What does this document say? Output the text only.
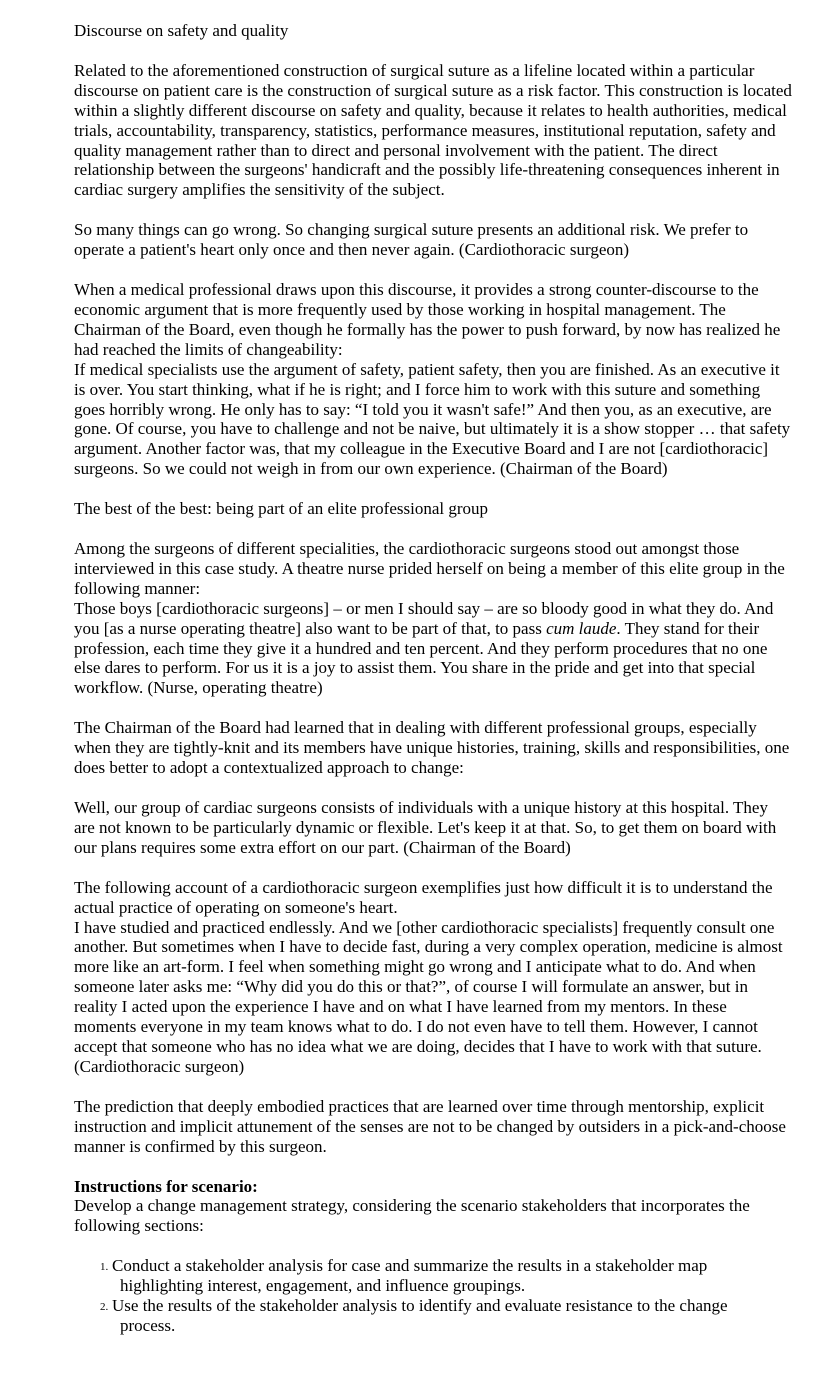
Discourse on safety and quality

Related to the aforementioned construction of surgical suture as a lifeline located within a particular discourse on patient care is the construction of surgical suture as a risk factor. This construction is located within a slightly different discourse on safety and quality, because it relates to health authorities, medical trials, accountability, transparency, statistics, performance measures, institutional reputation, safety and quality management rather than to direct and personal involvement with the patient. The direct relationship between the surgeons' handicraft and the possibly life-threatening consequences inherent in cardiac surgery amplifies the sensitivity of the subject.

So many things can go wrong. So changing surgical suture presents an additional risk. We prefer to operate a patient's heart only once and then never again. (Cardiothoracic surgeon)

When a medical professional draws upon this discourse, it provides a strong counter-discourse to the economic argument that is more frequently used by those working in hospital management. The Chairman of the Board, even though he formally has the power to push forward, by now has realized he had reached the limits of changeability:

If medical specialists use the argument of safety, patient safety, then you are finished. As an executive it is over. You start thinking, what if he is right; and I force him to work with this suture and something goes horribly wrong. He only has to say: “I told you it wasn't safe!” And then you, as an executive, are gone. Of course, you have to challenge and not be naive, but ultimately it is a show stopper … that safety argument. Another factor was, that my colleague in the Executive Board and I are not [cardiothoracic] surgeons. So we could not weigh in from our own experience. (Chairman of the Board)

The best of the best: being part of an elite professional group

Among the surgeons of different specialities, the cardiothoracic surgeons stood out amongst those interviewed in this case study. A theatre nurse prided herself on being a member of this elite group in the following manner:

Those boys [cardiothoracic surgeons] – or men I should say – are so bloody good in what they do. And you [as a nurse operating theatre] also want to be part of that, to pass cum laude. They stand for their profession, each time they give it a hundred and ten percent. And they perform procedures that no one else dares to perform. For us it is a joy to assist them. You share in the pride and get into that special workflow. (Nurse, operating theatre)

The Chairman of the Board had learned that in dealing with different professional groups, especially when they are tightly-knit and its members have unique histories, training, skills and responsibilities, one does better to adopt a contextualized approach to change:

Well, our group of cardiac surgeons consists of individuals with a unique history at this hospital. They are not known to be particularly dynamic or flexible. Let's keep it at that. So, to get them on board with our plans requires some extra effort on our part. (Chairman of the Board)

The following account of a cardiothoracic surgeon exemplifies just how difficult it is to understand the actual practice of operating on someone's heart.

I have studied and practiced endlessly. And we [other cardiothoracic specialists] frequently consult one another. But sometimes when I have to decide fast, during a very complex operation, medicine is almost more like an art-form. I feel when something might go wrong and I anticipate what to do. And when someone later asks me: “Why did you do this or that?”, of course I will formulate an answer, but in reality I acted upon the experience I have and on what I have learned from my mentors. In these moments everyone in my team knows what to do. I do not even have to tell them. However, I cannot accept that someone who has no idea what we are doing, decides that I have to work with that suture. (Cardiothoracic surgeon)

The prediction that deeply embodied practices that are learned over time through mentorship, explicit instruction and implicit attunement of the senses are not to be changed by outsiders in a pick-and-choose manner is confirmed by this surgeon.

Instructions for scenario:

Develop a change management strategy, considering the scenario stakeholders that incorporates the following sections:

1. Conduct a stakeholder analysis for case and summarize the results in a stakeholder map
highlighting interest, engagement, and influence groupings.
2. Use the results of the stakeholder analysis to identify and evaluate resistance to the change
process.
